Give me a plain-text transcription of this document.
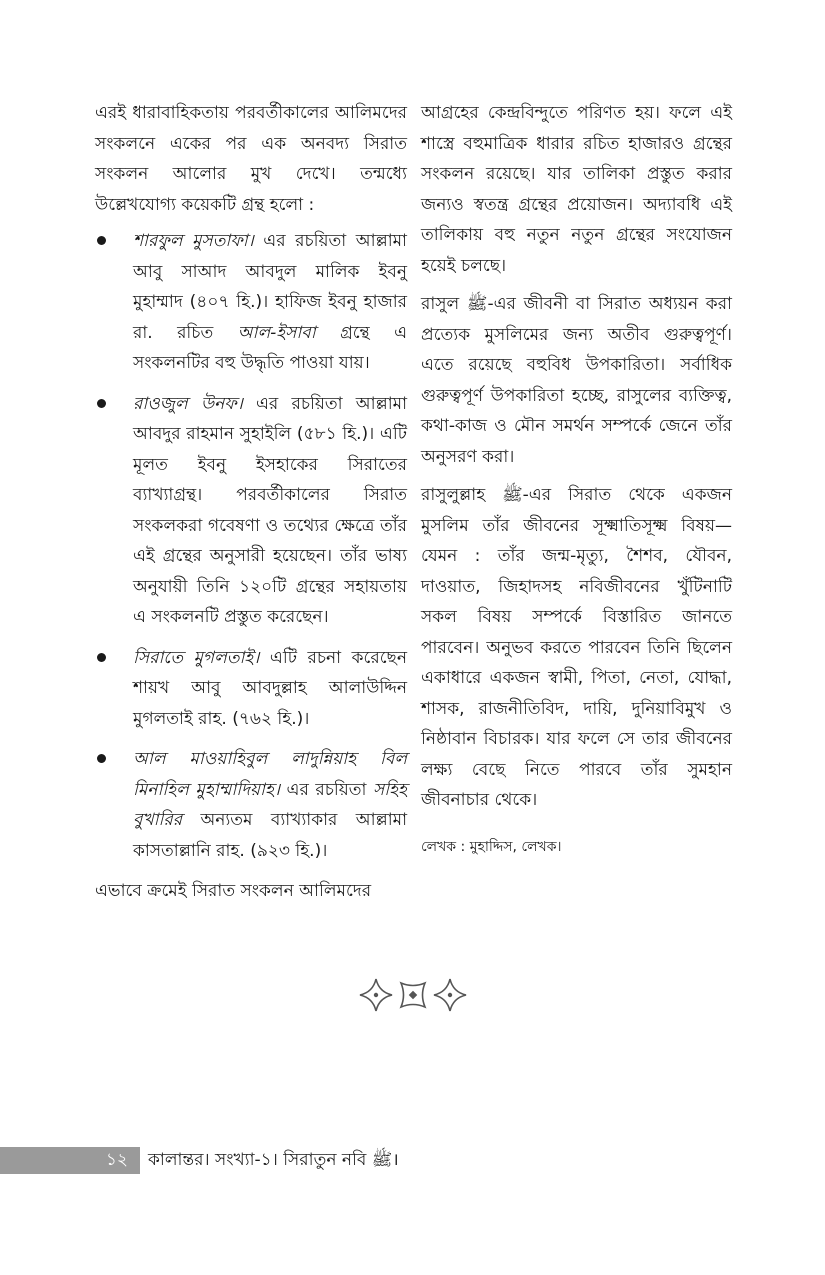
এরই ধারাবাহিকতায় পরবর্তীকালের আলিমদের সংকলনে একের পর এক অনবদ্য সিরাত সংকলন আলোর মুখ দেখে। তন্মধ্যে উল্লেখযোগ্য কয়েকটি গ্রন্থ হলো :

শারফুল মুসতাফা। এর রচয়িতা আল্লামা আবু সাআদ আবদুল মালিক ইবনু মুহাম্মাদ (৪০৭ হি.)। হাফিজ ইবনু হাজার রা. রচিত আল-ইসাবা গ্রন্থে এ সংকলনটির বহু উদ্ধৃতি পাওয়া যায়।
রাওজুল উনফ। এর রচয়িতা আল্লামা আবদুর রাহমান সুহাইলি (৫৮১ হি.)। এটি মূলত ইবনু ইসহাকের সিরাতের ব্যাখ্যাগ্রন্থ। পরবর্তীকালের সিরাত সংকলকরা গবেষণা ও তথ্যের ক্ষেত্রে তাঁর এই গ্রন্থের অনুসারী হয়েছেন। তাঁর ভাষ্য অনুযায়ী তিনি ১২০টি গ্রন্থের সহায়তায় এ সংকলনটি প্রস্তুত করেছেন।
সিরাতে মুগলতাই। এটি রচনা করেছেন শায়খ আবু আবদুল্লাহ আলাউদ্দিন মুগলতাই রাহ. (৭৬২ হি.)।
আল মাওয়াহিবুল লাদুন্নিয়াহ বিল মিনাহিল মুহাম্মাদিয়াহ। এর রচয়িতা সহিহ বুখারির অন্যতম ব্যাখ্যাকার আল্লামা কাসতাল্লানি রাহ. (৯২৩ হি.)।

এভাবে ক্রমেই সিরাত সংকলন আলিমদের

আগ্রহের কেন্দ্রবিন্দুতে পরিণত হয়। ফলে এই শাস্ত্রে বহুমাত্রিক ধারার রচিত হাজারও গ্রন্থের সংকলন রয়েছে। যার তালিকা প্রস্তুত করার জন্যও স্বতন্ত্র গ্রন্থের প্রয়োজন। অদ্যাবধি এই তালিকায় বহু নতুন নতুন গ্রন্থের সংযোজন হয়েই চলছে।

রাসুল ﷺ-এর জীবনী বা সিরাত অধ্যয়ন করা প্রত্যেক মুসলিমের জন্য অতীব গুরুত্বপূর্ণ। এতে রয়েছে বহুবিধ উপকারিতা। সর্বাধিক গুরুত্বপূর্ণ উপকারিতা হচ্ছে, রাসুলের ব্যক্তিত্ব, কথা-কাজ ও মৌন সমর্থন সম্পর্কে জেনে তাঁর অনুসরণ করা।

রাসুলুল্লাহ ﷺ-এর সিরাত থেকে একজন মুসলিম তাঁর জীবনের সূক্ষ্মাতিসূক্ষ্ম বিষয়— যেমন : তাঁর জন্ম-মৃত্যু, শৈশব, যৌবন, দাওয়াত, জিহাদসহ নবিজীবনের খুঁটিনাটি সকল বিষয় সম্পর্কে বিস্তারিত জানতে পারবেন। অনুভব করতে পারবেন তিনি ছিলেন একাধারে একজন স্বামী, পিতা, নেতা, যোদ্ধা, শাসক, রাজনীতিবিদ, দায়ি, দুনিয়াবিমুখ ও নিষ্ঠাবান বিচারক। যার ফলে সে তার জীবনের লক্ষ্য বেছে নিতে পারবে তাঁর সুমহান জীবনাচার থেকে।

লেখক : মুহাদ্দিস, লেখক।
১২ কালান্তর। সংখ্যা-১। সিরাতুন নবি ﷺ।
